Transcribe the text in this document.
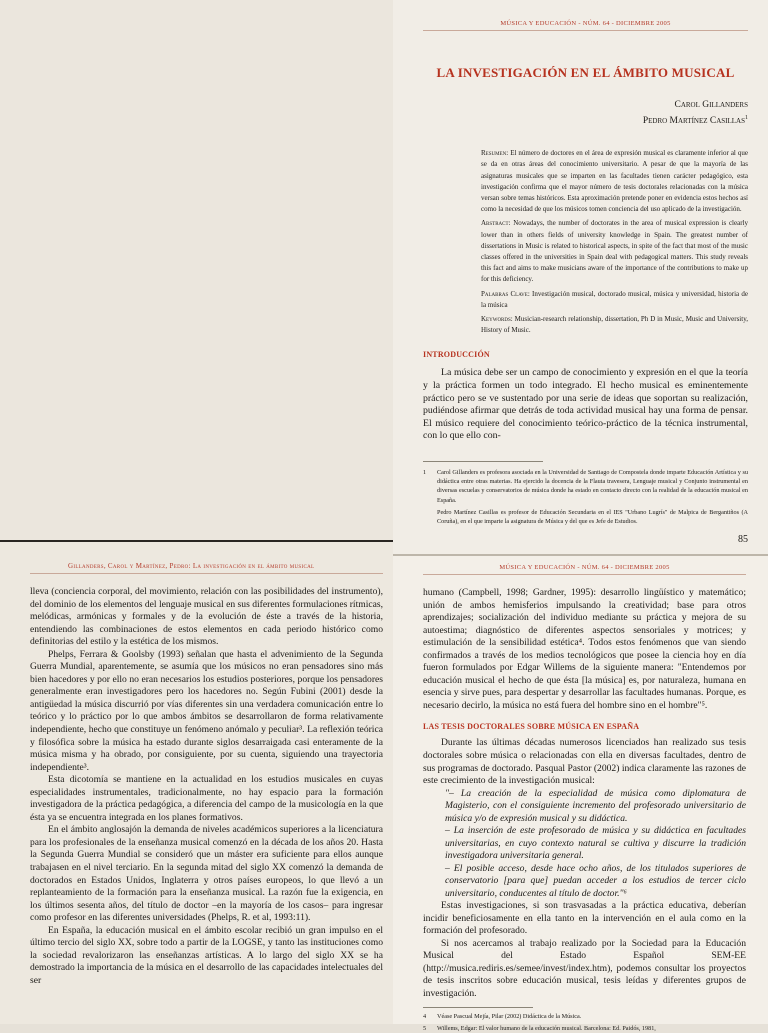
MÚSICA Y EDUCACIÓN - NÚM. 64 - DICIEMBRE 2005
LA INVESTIGACIÓN EN EL ÁMBITO MUSICAL
Carol Gillanders
Pedro Martínez Casillas$^1$

Resumen: El número de doctores en el área de expresión musical es claramente inferior al que se da en otras áreas del conocimiento universitario. A pesar de que la mayoría de las asignaturas musicales que se imparten en las facultades tienen carácter pedagógico, esta investigación confirma que el mayor número de tesis doctorales relacionadas con la música versan sobre temas históricos. Esta aproximación pretende poner en evidencia estos hechos así como la necesidad de que los músicos tomen conciencia del uso aplicado de la investigación.

Abstract: Nowadays, the number of doctorates in the area of musical expression is clearly lower than in others fields of university knowledge in Spain. The greatest number of dissertations in Music is related to historical aspects, in spite of the fact that most of the music classes offered in the universities in Spain deal with pedagogical matters. This study reveals this fact and aims to make musicians aware of the importance of the contributions to make up for this deficiency.

Palabras Clave: Investigación musical, doctorado musical, música y universidad, historia de la música

Keywords: Musician-research relationship, dissertation, Ph D in Music, Music and University, History of Music.

INTRODUCCIÓN

La música debe ser un campo de conocimiento y expresión en el que la teoría y la práctica formen un todo integrado. El hecho musical es eminentemente práctico pero se ve sustentado por una serie de ideas que soportan su realización, pudiéndose afirmar que detrás de toda actividad musical hay una forma de pensar. El músico requiere del conocimiento teórico-práctico de la técnica instrumental, con lo que ello con-

1 Carol Gillanders es profesora asociada en la Universidad de Santiago de Compostela donde imparte Educación Artística y su didáctica entre otras materias. Ha ejercido la docencia de la Flauta travesera, Lenguaje musical y Conjunto instrumental en diversas escuelas y conservatorios de música donde ha estado en contacto directo con la realidad de la educación musical en España.

Pedro Martínez Casillas es profesor de Educación Secundaria en el IES "Urbano Lugrís" de Malpica de Bergantiños (A Coruña), en el que imparte la asignatura de Música y del que es Jefe de Estudios.

85
Gillanders, Carol y Martínez, Pedro: La investigación en el ámbito musical

lleva (conciencia corporal, del movimiento, relación con las posibilidades del instrumento), del dominio de los elementos del lenguaje musical en sus diferentes formulaciones rítmicas, melódicas, armónicas y formales y de la evolución de éste a través de la historia, entendiendo las combinaciones de estos elementos en cada periodo histórico como definitorias del estilo y la estética de los mismos.

Phelps, Ferrara & Goolsby (1993) señalan que hasta el advenimiento de la Segunda Guerra Mundial, aparentemente, se asumía que los músicos no eran pensadores sino más bien hacedores y por ello no eran necesarios los estudios posteriores, porque los pensadores generalmente eran investigadores pero los hacedores no. Según Fubini (2001) desde la antigüedad la música discurrió por vías diferentes sin una verdadera comunicación entre lo teórico y lo práctico por lo que ambos ámbitos se desarrollaron de forma relativamente independiente, hecho que constituye un fenómeno anómalo y peculiar³. La reflexión teórica y filosófica sobre la música ha estado durante siglos desarraigada casi enteramente de la música misma y ha obrado, por consiguiente, por su cuenta, siguiendo una trayectoria independiente³.

Esta dicotomía se mantiene en la actualidad en los estudios musicales en cuyas especialidades instrumentales, tradicionalmente, no hay espacio para la formación investigadora de la práctica pedagógica, a diferencia del campo de la musicología en la que ésta ya se encuentra integrada en los planes formativos.

En el ámbito anglosajón la demanda de niveles académicos superiores a la licenciatura para los profesionales de la enseñanza musical comenzó en la década de los años 20. Hasta la Segunda Guerra Mundial se consideró que un máster era suficiente para ellos aunque trabajasen en el nivel terciario. En la segunda mitad del siglo XX comenzó la demanda de doctorados en Estados Unidos, Inglaterra y otros países europeos, lo que llevó a un replanteamiento de la formación para la enseñanza musical. La razón fue la exigencia, en los últimos sesenta años, del título de doctor –en la mayoría de los casos– para ingresar como profesor en las diferentes universidades (Phelps, R. et al, 1993:11).

En España, la educación musical en el ámbito escolar recibió un gran impulso en el último tercio del siglo XX, sobre todo a partir de la LOGSE, y tanto las instituciones como la sociedad revalorizaron las enseñanzas artísticas. A lo largo del siglo XX se ha demostrado la importancia de la música en el desarrollo de las capacidades intelectuales del ser

MÚSICA Y EDUCACIÓN - NÚM. 64 - DICIEMBRE 2005

humano (Campbell, 1998; Gardner, 1995): desarrollo lingüístico y matemático; unión de ambos hemisferios impulsando la creatividad; base para otros aprendizajes; socialización del individuo mediante su práctica y mejora de su autoestima; diagnóstico de diferentes aspectos sensoriales y motrices; y estimulación de la sensibilidad estética⁴. Todos estos fenómenos que van siendo confirmados a través de los medios tecnológicos que posee la ciencia hoy en día fueron formulados por Edgar Willems de la siguiente manera: "Entendemos por educación musical el hecho de que ésta [la música] es, por naturaleza, humana en esencia y sirve pues, para despertar y desarrollar las facultades humanas. Porque, es necesario decirlo, la música no está fuera del hombre sino en el hombre"⁵.

LAS TESIS DOCTORALES SOBRE MÚSICA EN ESPAÑA

Durante las últimas décadas numerosos licenciados han realizado sus tesis doctorales sobre música o relacionadas con ella en diversas facultades, dentro de sus programas de doctorado. Pasqual Pastor (2002) indica claramente las razones de este crecimiento de la investigación musical:

"– La creación de la especialidad de música como diplomatura de Magisterio, con el consiguiente incremento del profesorado universitario de música y/o de expresión musical y su didáctica.

– La inserción de este profesorado de música y su didáctica en facultades universitarias, en cuyo contexto natural se cultiva y discurre la tradición investigadora universitaria general.

– El posible acceso, desde hace ocho años, de los titulados superiores de conservatorio [para que] puedan acceder a los estudios de tercer ciclo universitario, conducentes al título de doctor."⁶

Estas investigaciones, si son trasvasadas a la práctica educativa, deberían incidir beneficiosamente en ella tanto en la intervención en el aula como en la formación del profesorado.

Si nos acercamos al trabajo realizado por la Sociedad para la Educación Musical del Estado Español SEM-EE (http://musica.rediris.es/semee/invest/index.htm), podemos consultar los proyectos de tesis inscritos sobre educación musical, tesis leídas y diferentes grupos de investigación.

4 Véase Pascual Mejía, Pilar (2002) Didáctica de la Música.

5 Willems, Edgar: El valor humano de la educación musical. Barcelona: Ed. Paidós, 1981,
